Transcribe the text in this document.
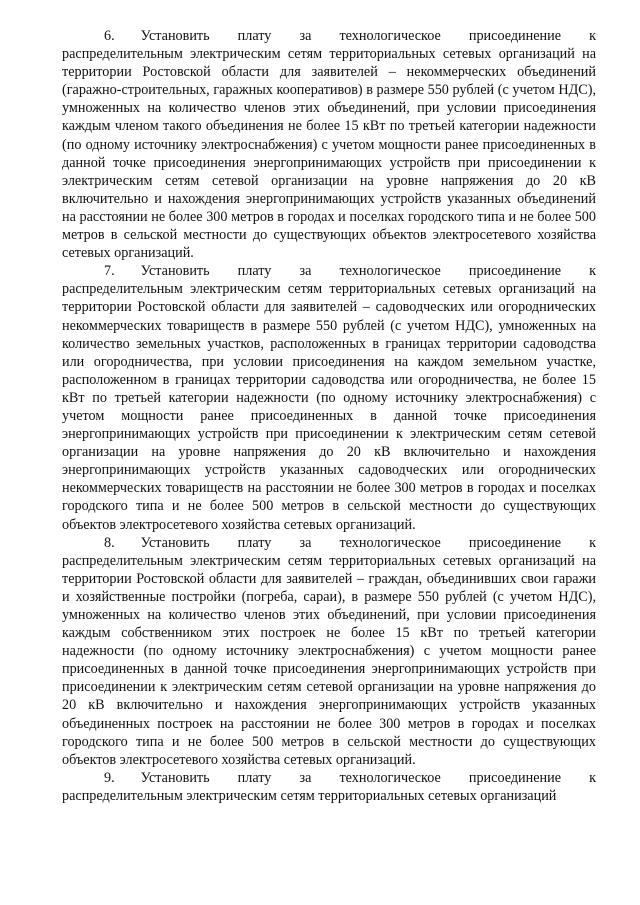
6. Установить плату за технологическое присоединение к распределительным электрическим сетям территориальных сетевых организаций на территории Ростовской области для заявителей – некоммерческих объединений (гаражно-строительных, гаражных кооперативов) в размере 550 рублей (с учетом НДС), умноженных на количество членов этих объединений, при условии присоединения каждым членом такого объединения не более 15 кВт по третьей категории надежности (по одному источнику электроснабжения) с учетом мощности ранее присоединенных в данной точке присоединения энергопринимающих устройств при присоединении к электрическим сетям сетевой организации на уровне напряжения до 20 кВ включительно и нахождения энергопринимающих устройств указанных объединений на расстоянии не более 300 метров в городах и поселках городского типа и не более 500 метров в сельской местности до существующих объектов электросетевого хозяйства сетевых организаций.

7. Установить плату за технологическое присоединение к распределительным электрическим сетям территориальных сетевых организаций на территории Ростовской области для заявителей – садоводческих или огороднических некоммерческих товариществ в размере 550 рублей (с учетом НДС), умноженных на количество земельных участков, расположенных в границах территории садоводства или огородничества, при условии присоединения на каждом земельном участке, расположенном в границах территории садоводства или огородничества, не более 15 кВт по третьей категории надежности (по одному источнику электроснабжения) с учетом мощности ранее присоединенных в данной точке присоединения энергопринимающих устройств при присоединении к электрическим сетям сетевой организации на уровне напряжения до 20 кВ включительно и нахождения энергопринимающих устройств указанных садоводческих или огороднических некоммерческих товариществ на расстоянии не более 300 метров в городах и поселках городского типа и не более 500 метров в сельской местности до существующих объектов электросетевого хозяйства сетевых организаций.

8. Установить плату за технологическое присоединение к распределительным электрическим сетям территориальных сетевых организаций на территории Ростовской области для заявителей – граждан, объединивших свои гаражи и хозяйственные постройки (погреба, сараи), в размере 550 рублей (с учетом НДС), умноженных на количество членов этих объединений, при условии присоединения каждым собственником этих построек не более 15 кВт по третьей категории надежности (по одному источнику электроснабжения) с учетом мощности ранее присоединенных в данной точке присоединения энергопринимающих устройств при присоединении к электрическим сетям сетевой организации на уровне напряжения до 20 кВ включительно и нахождения энергопринимающих устройств указанных объединенных построек на расстоянии не более 300 метров в городах и поселках городского типа и не более 500 метров в сельской местности до существующих объектов электросетевого хозяйства сетевых организаций.

9. Установить плату за технологическое присоединение к распределительным электрическим сетям территориальных сетевых организаций
